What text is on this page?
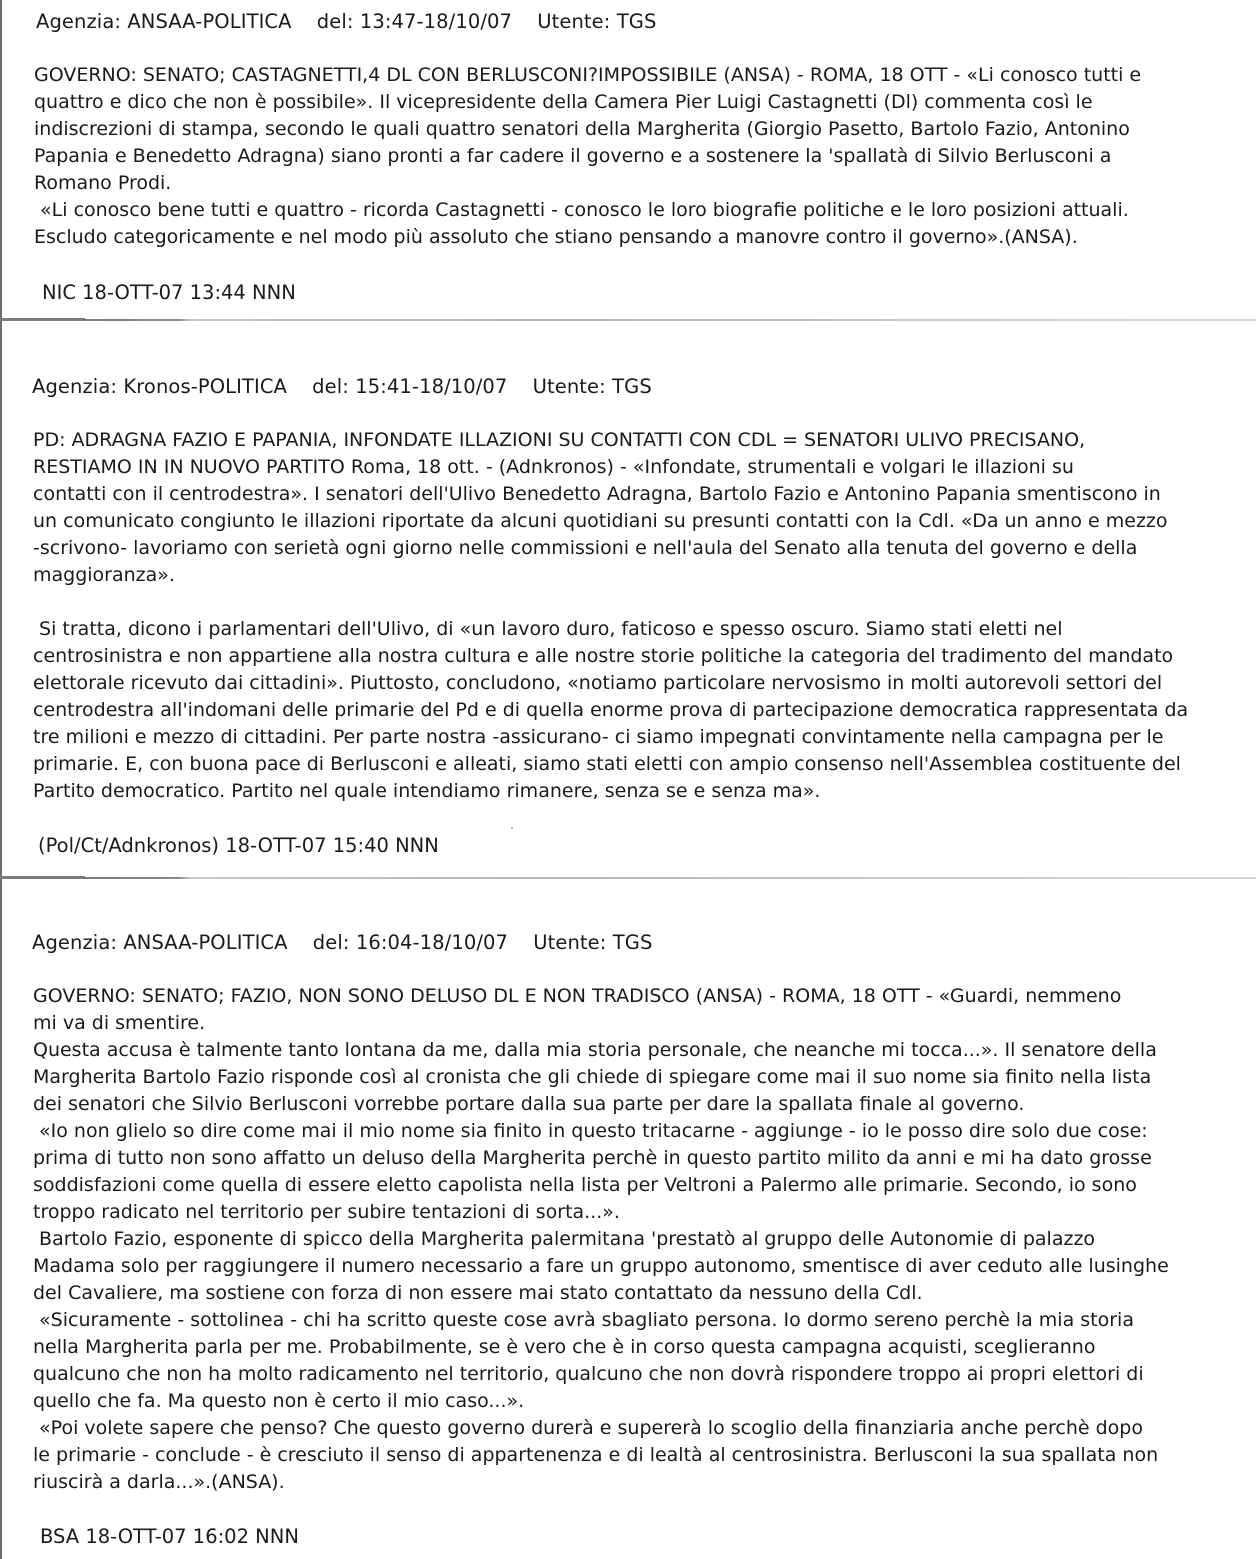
Agenzia: ANSAA-POLITICA    del: 13:47-18/10/07    Utente: TGS
GOVERNO: SENATO; CASTAGNETTI,4 DL CON BERLUSCONI?IMPOSSIBILE (ANSA) - ROMA, 18 OTT - «Li conosco tutti e
quattro e dico che non è possibile». Il vicepresidente della Camera Pier Luigi Castagnetti (Dl) commenta così le
indiscrezioni di stampa, secondo le quali quattro senatori della Margherita (Giorgio Pasetto, Bartolo Fazio, Antonino
Papania e Benedetto Adragna) siano pronti a far cadere il governo e a sostenere la 'spallatà di Silvio Berlusconi a
Romano Prodi.
«Li conosco bene tutti e quattro - ricorda Castagnetti - conosco le loro biografie politiche e le loro posizioni attuali.
Escludo categoricamente e nel modo più assoluto che stiano pensando a manovre contro il governo».(ANSA).
NIC 18-OTT-07 13:44 NNN
Agenzia: Kronos-POLITICA    del: 15:41-18/10/07    Utente: TGS
PD: ADRAGNA FAZIO E PAPANIA, INFONDATE ILLAZIONI SU CONTATTI CON CDL = SENATORI ULIVO PRECISANO,
RESTIAMO IN IN NUOVO PARTITO Roma, 18 ott. - (Adnkronos) - «Infondate, strumentali e volgari le illazioni su
contatti con il centrodestra». I senatori dell'Ulivo Benedetto Adragna, Bartolo Fazio e Antonino Papania smentiscono in
un comunicato congiunto le illazioni riportate da alcuni quotidiani su presunti contatti con la Cdl. «Da un anno e mezzo
-scrivono- lavoriamo con serietà ogni giorno nelle commissioni e nell'aula del Senato alla tenuta del governo e della
maggioranza».
Si tratta, dicono i parlamentari dell'Ulivo, di «un lavoro duro, faticoso e spesso oscuro. Siamo stati eletti nel
centrosinistra e non appartiene alla nostra cultura e alle nostre storie politiche la categoria del tradimento del mandato
elettorale ricevuto dai cittadini». Piuttosto, concludono, «notiamo particolare nervosismo in molti autorevoli settori del
centrodestra all'indomani delle primarie del Pd e di quella enorme prova di partecipazione democratica rappresentata da
tre milioni e mezzo di cittadini. Per parte nostra -assicurano- ci siamo impegnati convintamente nella campagna per le
primarie. E, con buona pace di Berlusconi e alleati, siamo stati eletti con ampio consenso nell'Assemblea costituente del
Partito democratico. Partito nel quale intendiamo rimanere, senza se e senza ma».
(Pol/Ct/Adnkronos) 18-OTT-07 15:40 NNN
Agenzia: ANSAA-POLITICA    del: 16:04-18/10/07    Utente: TGS
GOVERNO: SENATO; FAZIO, NON SONO DELUSO DL E NON TRADISCO (ANSA) - ROMA, 18 OTT - «Guardi, nemmeno
mi va di smentire.
Questa accusa è talmente tanto lontana da me, dalla mia storia personale, che neanche mi tocca...». Il senatore della
Margherita Bartolo Fazio risponde così al cronista che gli chiede di spiegare come mai il suo nome sia finito nella lista
dei senatori che Silvio Berlusconi vorrebbe portare dalla sua parte per dare la spallata finale al governo.
«Io non glielo so dire come mai il mio nome sia finito in questo tritacarne - aggiunge - io le posso dire solo due cose:
prima di tutto non sono affatto un deluso della Margherita perchè in questo partito milito da anni e mi ha dato grosse
soddisfazioni come quella di essere eletto capolista nella lista per Veltroni a Palermo alle primarie. Secondo, io sono
troppo radicato nel territorio per subire tentazioni di sorta...».
Bartolo Fazio, esponente di spicco della Margherita palermitana 'prestatò al gruppo delle Autonomie di palazzo
Madama solo per raggiungere il numero necessario a fare un gruppo autonomo, smentisce di aver ceduto alle lusinghe
del Cavaliere, ma sostiene con forza di non essere mai stato contattato da nessuno della Cdl.
«Sicuramente - sottolinea - chi ha scritto queste cose avrà sbagliato persona. Io dormo sereno perchè la mia storia
nella Margherita parla per me. Probabilmente, se è vero che è in corso questa campagna acquisti, sceglieranno
qualcuno che non ha molto radicamento nel territorio, qualcuno che non dovrà rispondere troppo ai propri elettori di
quello che fa. Ma questo non è certo il mio caso...».
«Poi volete sapere che penso? Che questo governo durerà e supererà lo scoglio della finanziaria anche perchè dopo
le primarie - conclude - è cresciuto il senso di appartenenza e di lealtà al centrosinistra. Berlusconi la sua spallata non
riuscirà a darla...».(ANSA).
BSA 18-OTT-07 16:02 NNN
